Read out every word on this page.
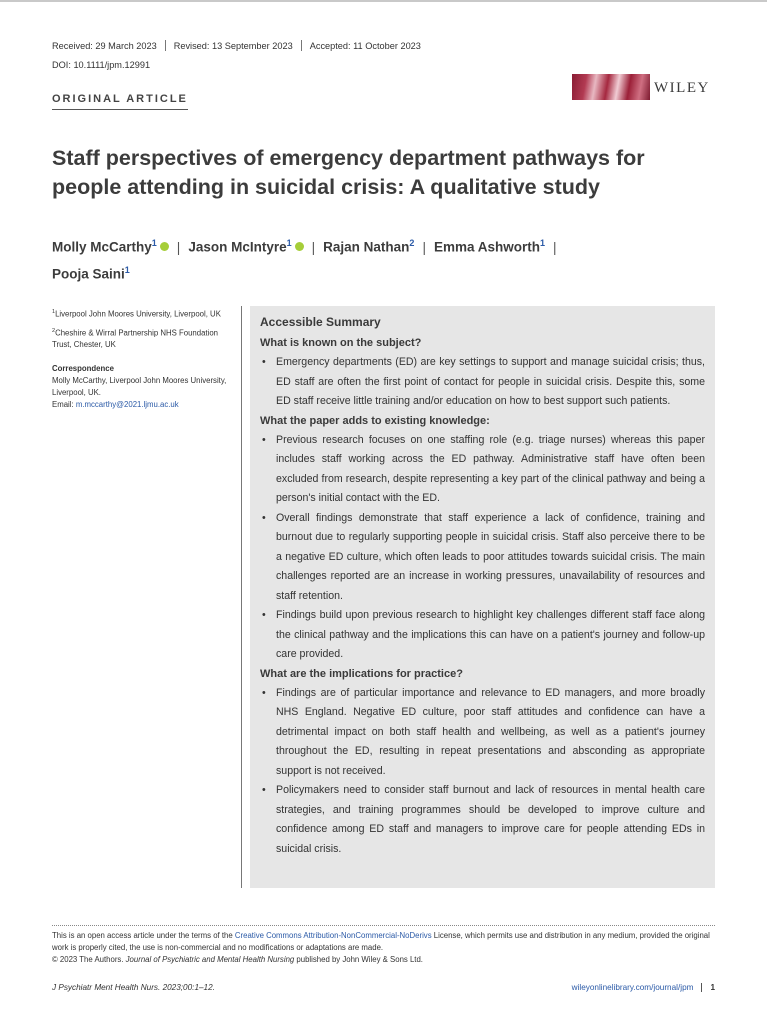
Received: 29 March 2023 Revised: 13 September 2023 Accepted: 11 October 2023
DOI: 10.1111/jpm.12991
ORIGINAL ARTICLE
WILEY
Staff perspectives of emergency department pathways for people attending in suicidal crisis: A qualitative study
Molly McCarthy$^1$ | Jason McIntyre$^1$ | Rajan Nathan$^2$ | Emma Ashworth$^1$ |
Pooja Saini$^1$

$^1$Liverpool John Moores University, Liverpool, UK

$^2$Cheshire & Wirral Partnership NHS Foundation Trust, Chester, UK

Correspondence

Molly McCarthy, Liverpool John Moores University, Liverpool, UK.

Email: m.mccarthy@2021.ljmu.ac.uk

Accessible Summary
What is known on the subject?
• Emergency departments (ED) are key settings to support and manage suicidal crisis; thus, ED staff are often the first point of contact for people in suicidal crisis. Despite this, some ED staff receive little training and/or education on how to best support such patients.
What the paper adds to existing knowledge:
• Previous research focuses on one staffing role (e.g. triage nurses) whereas this paper includes staff working across the ED pathway. Administrative staff have often been excluded from research, despite representing a key part of the clinical pathway and being a person's initial contact with the ED.
• Overall findings demonstrate that staff experience a lack of confidence, training and burnout due to regularly supporting people in suicidal crisis. Staff also perceive there to be a negative ED culture, which often leads to poor attitudes towards suicidal crisis. The main challenges reported are an increase in working pressures, unavailability of resources and staff retention.
• Findings build upon previous research to highlight key challenges different staff face along the clinical pathway and the implications this can have on a patient's journey and follow-up care provided.
What are the implications for practice?
• Findings are of particular importance and relevance to ED managers, and more broadly NHS England. Negative ED culture, poor staff attitudes and confidence can have a detrimental impact on both staff health and wellbeing, as well as a patient's journey throughout the ED, resulting in repeat presentations and absconding as appropriate support is not received.
• Policymakers need to consider staff burnout and lack of resources in mental health care strategies, and training programmes should be developed to improve culture and confidence among ED staff and managers to improve care for people attending EDs in suicidal crisis.
This is an open access article under the terms of the Creative Commons Attribution-NonCommercial-NoDerivs License, which permits use and distribution in any medium, provided the original work is properly cited, the use is non-commercial and no modifications or adaptations are made.
© 2023 The Authors. Journal of Psychiatric and Mental Health Nursing published by John Wiley & Sons Ltd.
J Psychiatr Ment Health Nurs. 2023;00:1–12.	wileyonlinelibrary.com/journal/jpm 1
